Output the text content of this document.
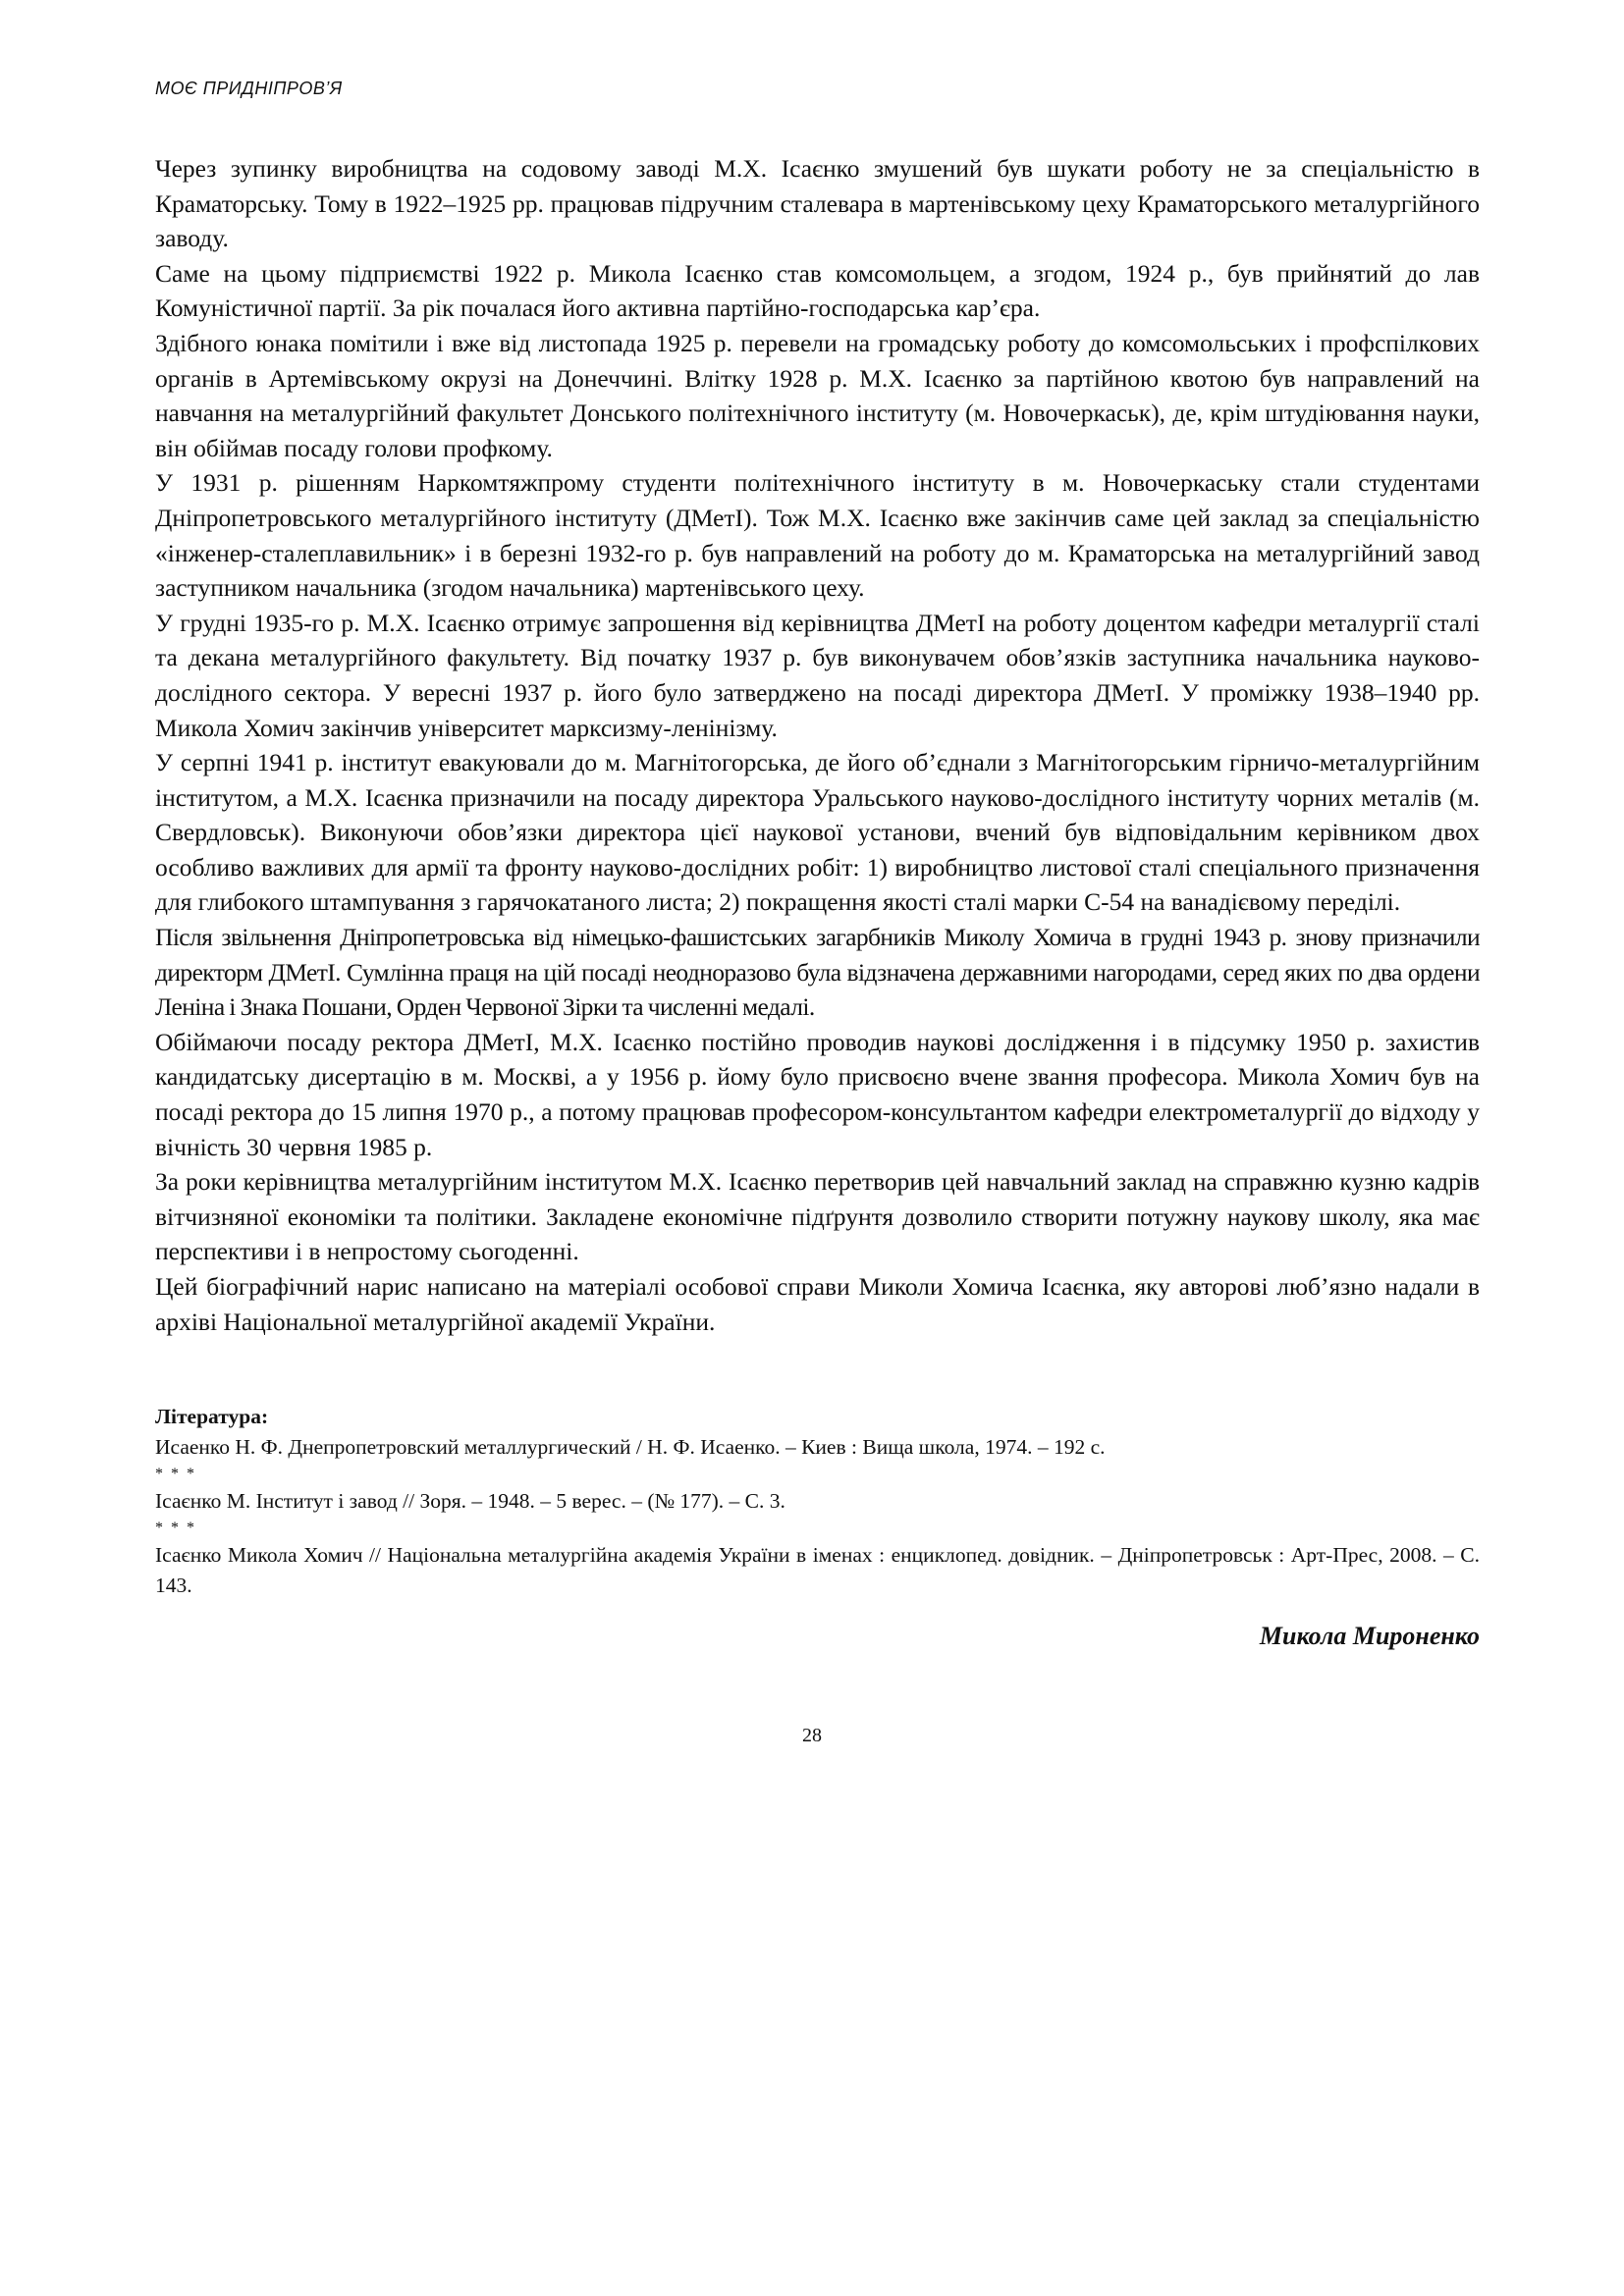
МОЄ ПРИДНІПРОВ’Я

Через зупинку виробництва на содовому заводі М.Х. Ісаєнко змушений був шукати роботу не за спеціальністю в Краматорську. Тому в 1922–1925 рр. працював підручним сталевара в мартенівському цеху Краматорського металургійного заводу.

Саме на цьому підприємстві 1922 р. Микола Ісаєнко став комсомольцем, а згодом, 1924 р., був прийнятий до лав Комуністичної партії. За рік почалася його активна партійно-господарська кар’єра.

Здібного юнака помітили і вже від листопада 1925 р. перевели на громадську роботу до комсомольських і профспілкових органів в Артемівському окрузі на Донеччині. Влітку 1928 р. М.Х. Ісаєнко за партійною квотою був направлений на навчання на металургійний факультет Донського політехнічного інституту (м. Новочеркаськ), де, крім штудіювання науки, він обіймав посаду голови профкому.

У 1931 р. рішенням Наркомтяжпрому студенти політехнічного інституту в м. Новочеркаську стали студентами Дніпропетровського металургійного інституту (ДМетІ). Тож М.Х. Ісаєнко вже закінчив саме цей заклад за спеціальністю «інженер-сталеплавильник» і в березні 1932-го р. був направлений на роботу до м. Краматорська на металургійний завод заступником начальника (згодом начальника) мартенівського цеху.

У грудні 1935-го р. М.Х. Ісаєнко отримує запрошення від керівництва ДМетІ на роботу доцентом кафедри металургії сталі та декана металургійного факультету. Від початку 1937 р. був виконувачем обов’язків заступника начальника науково-дослідного сектора. У вересні 1937 р. його було затверджено на посаді директора ДМетІ. У проміжку 1938–1940 рр. Микола Хомич закінчив університет марксизму-ленінізму.

У серпні 1941 р. інститут евакуювали до м. Магнітогорська, де його об’єднали з Магнітогорським гірничо-металургійним інститутом, а М.Х. Ісаєнка призначили на посаду директора Уральського науково-дослідного інституту чорних металів (м. Свердловськ). Виконуючи обов’язки директора цієї наукової установи, вчений був відповідальним керівником двох особливо важливих для армії та фронту науково-дослідних робіт: 1) виробництво листової сталі спеціального призначення для глибокого штампування з гарячокатаного листа; 2) покращення якості сталі марки С-54 на ванадієвому переділі.

Після звільнення Дніпропетровська від німецько-фашистських загарбників Миколу Хомича в грудні 1943 р. знову призначили директорм ДМетІ. Сумлінна праця на цій посаді неодноразово була відзначена державними нагородами, серед яких по два ордени Леніна і Знака Пошани, Орден Червоної Зірки та численні медалі.

Обіймаючи посаду ректора ДМетІ, М.Х. Ісаєнко постійно проводив наукові дослідження і в підсумку 1950 р. захистив кандидатську дисертацію в м. Москві, а у 1956 р. йому було присвоєно вчене звання професора. Микола Хомич був на посаді ректора до 15 липня 1970 р., а потому працював професором-консультантом кафедри електрометалургії до відходу у вічність 30 червня 1985 р.

За роки керівництва металургійним інститутом М.Х. Ісаєнко перетворив цей навчальний заклад на справжню кузню кадрів вітчизняної економіки та політики. Закладене економічне підґрунтя дозволило створити потужну наукову школу, яка має перспективи і в непростому сьогоденні.

Цей біографічний нарис написано на матеріалі особової справи Миколи Хомича Ісаєнка, яку авторові люб’язно надали в архіві Національної металургійної академії України.

Література:

Исаенко Н. Ф. Днепропетровский металлургический / Н. Ф. Исаенко. – Киев : Вища школа, 1974. – 192 с.

* * *

Ісаєнко М. Інститут і завод // Зоря. – 1948. – 5 верес. – (№ 177). – С. 3.

* * *

Ісаєнко Микола Хомич // Національна металургійна академія України в іменах : енциклопед. довідник. – Дніпропетровськ : Арт-Прес, 2008. – С. 143.

Микола Мироненко
28
